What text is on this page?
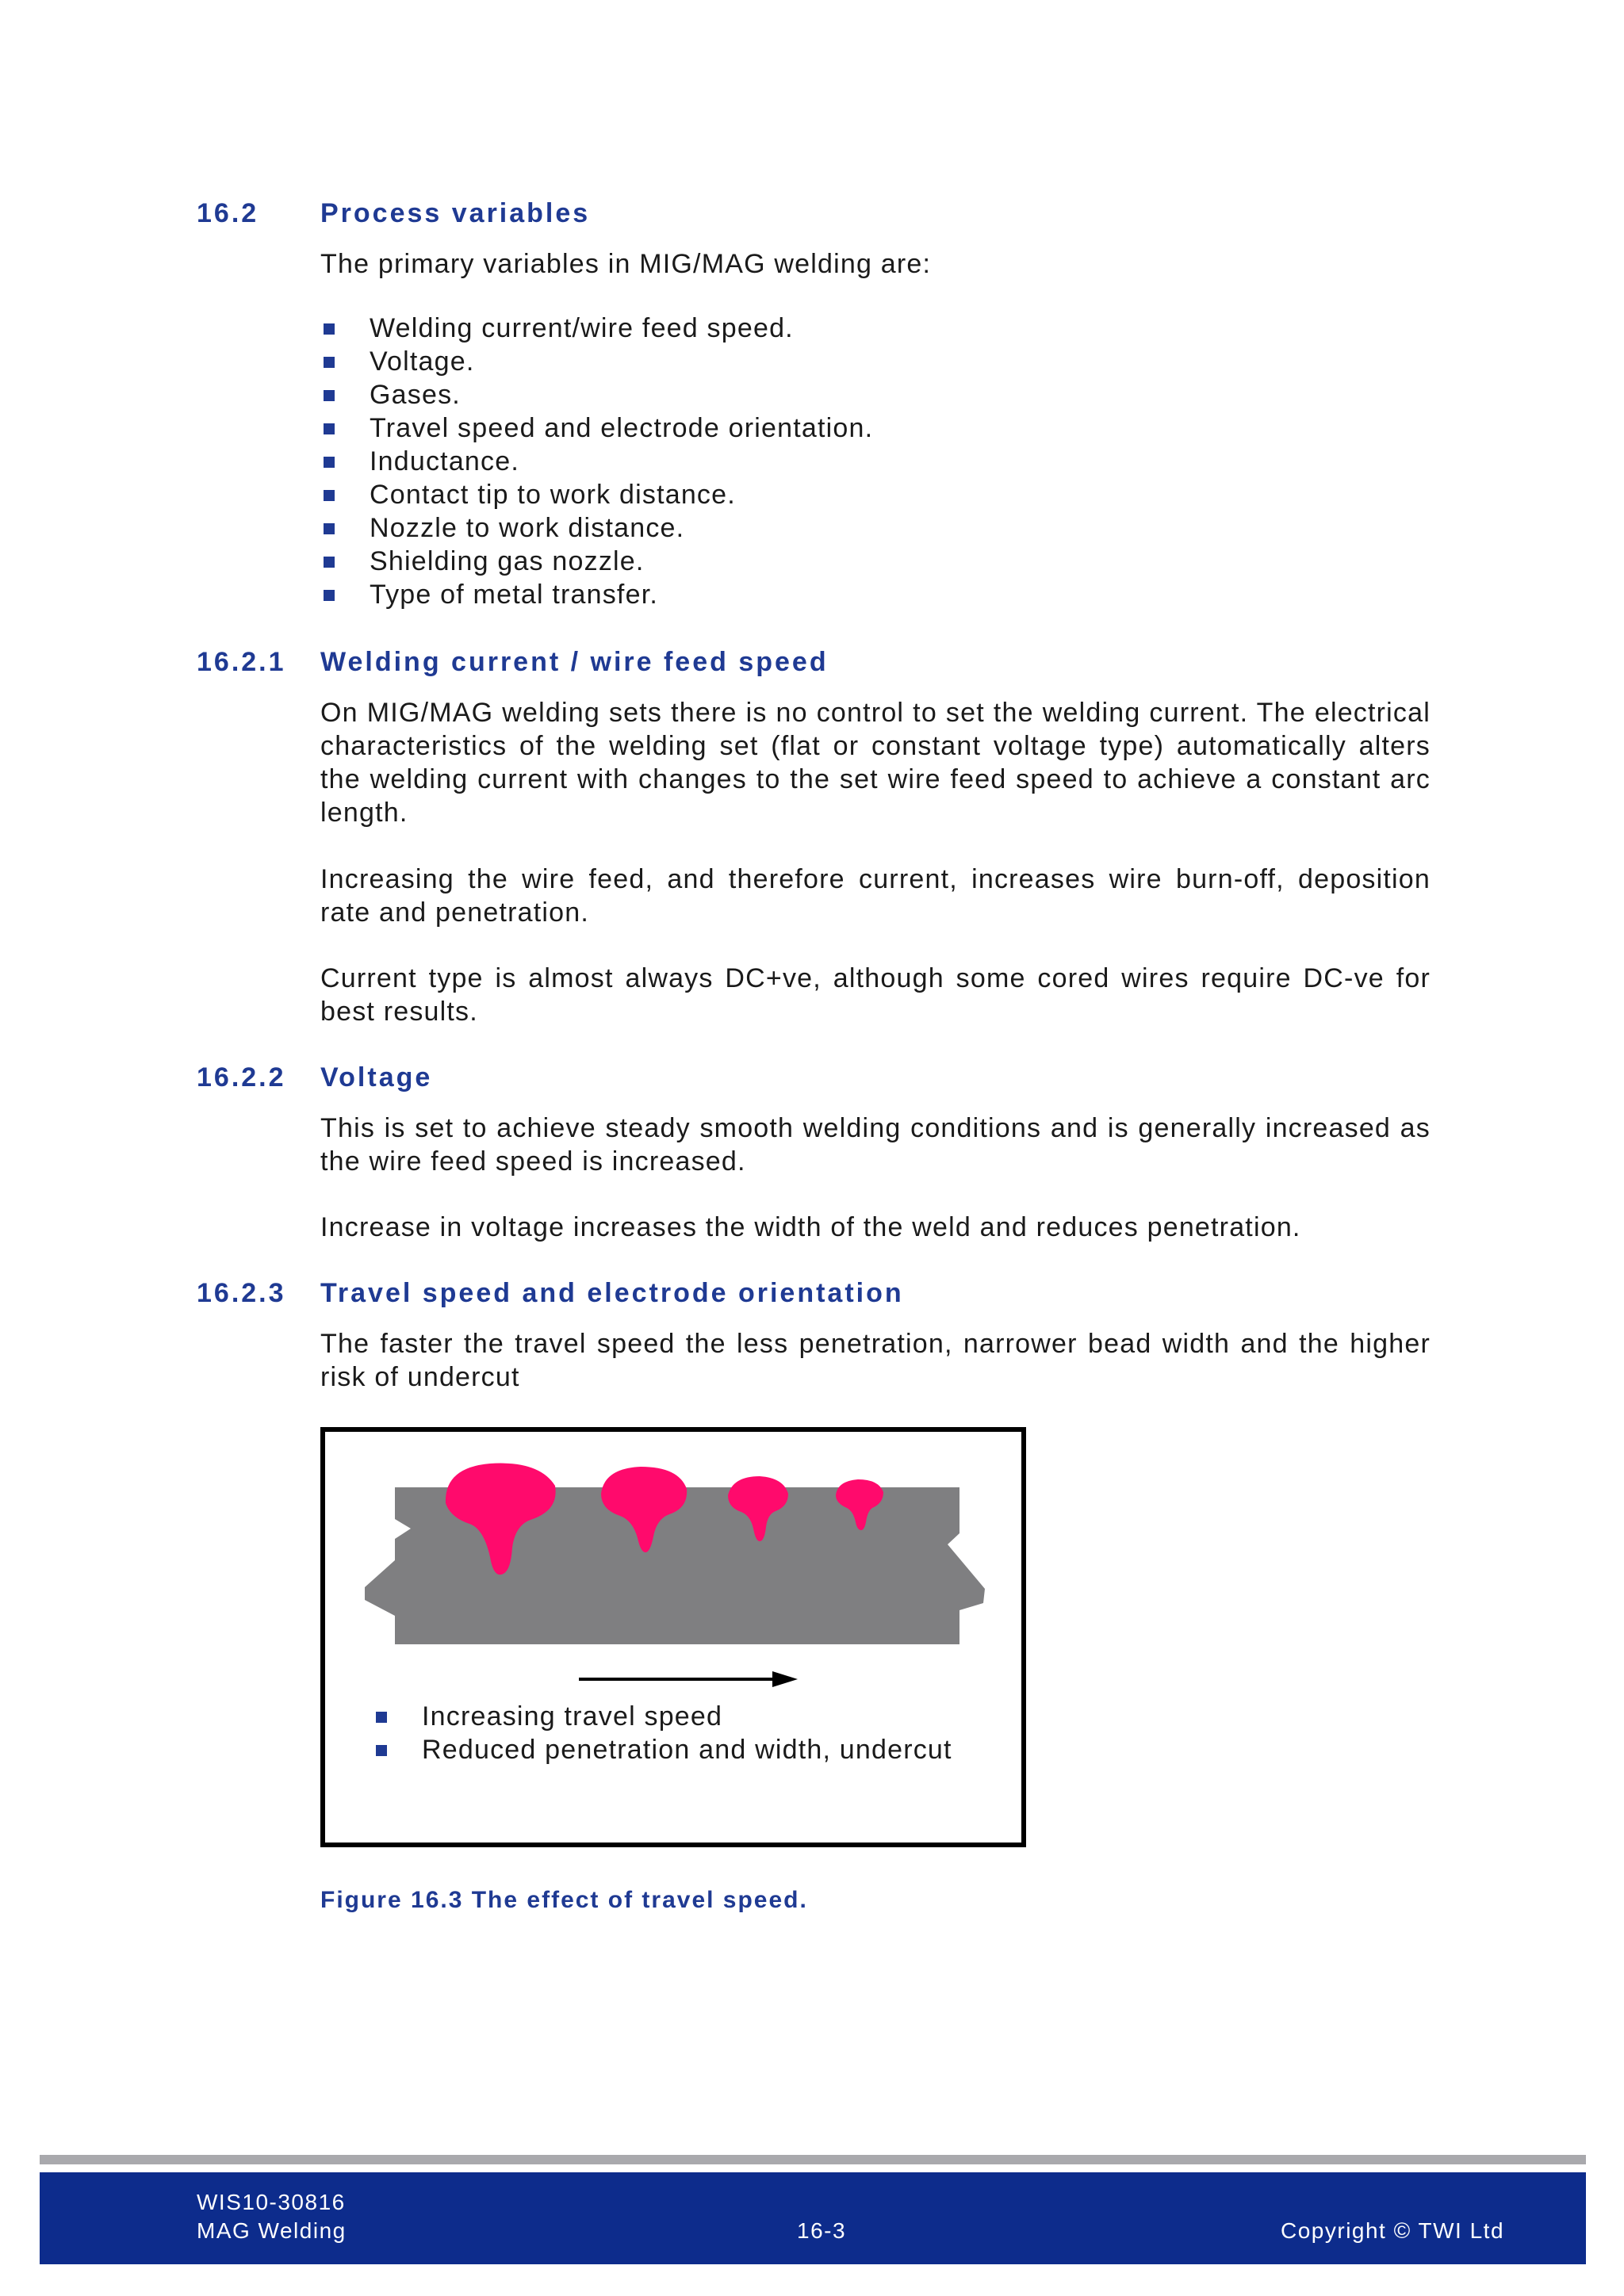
16.2 Process variables

The primary variables in MIG/MAG welding are:

Welding current/wire feed speed.
Voltage.
Gases.
Travel speed and electrode orientation.
Inductance.
Contact tip to work distance.
Nozzle to work distance.
Shielding gas nozzle.
Type of metal transfer.
16.2.1 Welding current / wire feed speed

On MIG/MAG welding sets there is no control to set the welding current. The electrical characteristics of the welding set (flat or constant voltage type) automatically alters the welding current with changes to the set wire feed speed to achieve a constant arc length.

Increasing the wire feed, and therefore current, increases wire burn-off, deposition rate and penetration.

Current type is almost always DC+ve, although some cored wires require DC-ve for best results.

16.2.2 Voltage

This is set to achieve steady smooth welding conditions and is generally increased as the wire feed speed is increased.

Increase in voltage increases the width of the weld and reduces penetration.

16.2.3 Travel speed and electrode orientation

The faster the travel speed the less penetration, narrower bead width and the higher risk of undercut

Increasing travel speed
Reduced penetration and width, undercut
Figure 16.3 The effect of travel speed.
WIS10-30816
MAG Welding	16-3	Copyright © TWI Ltd
